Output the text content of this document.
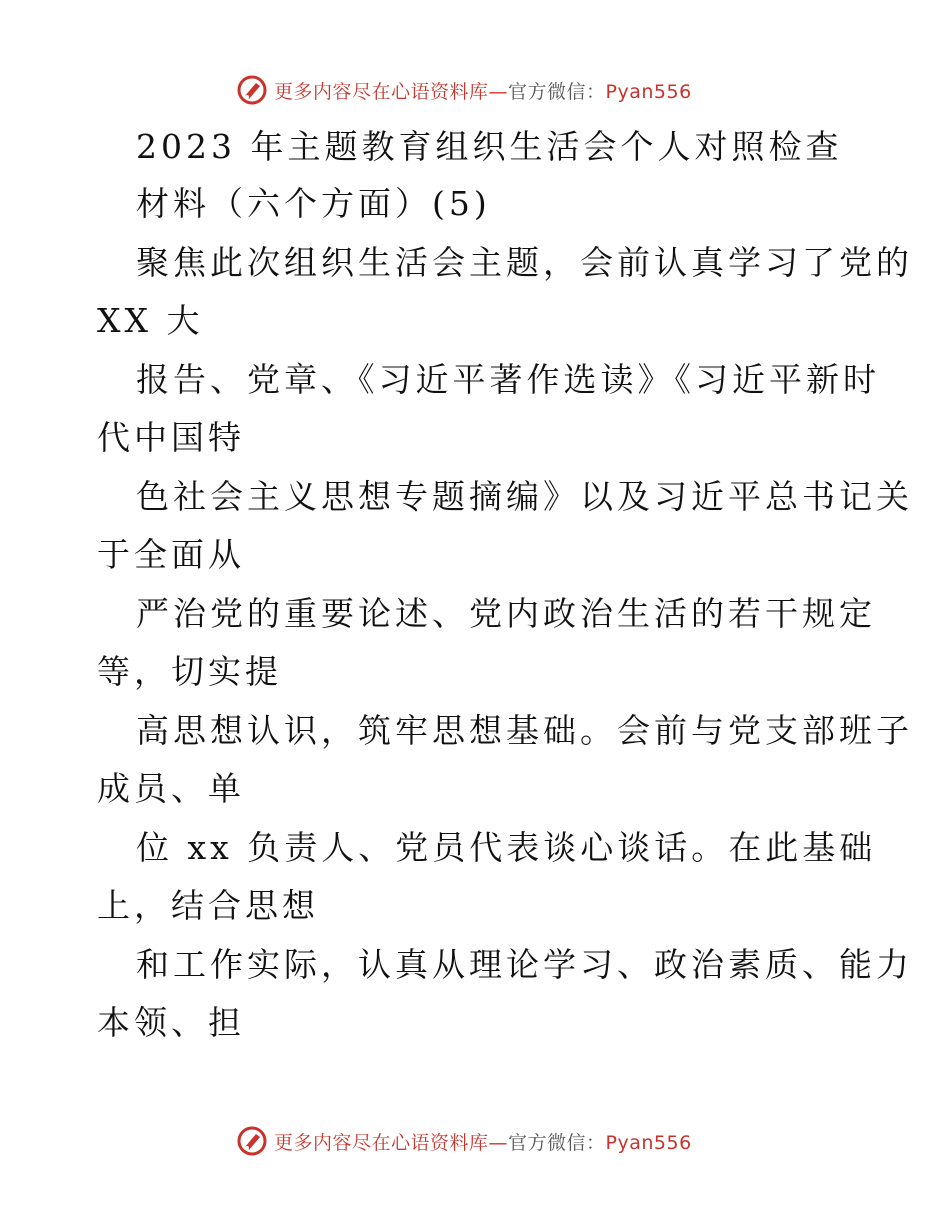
更多内容尽在心语资料库—官方微信：Pyan556
2023 年主题教育组织生活会个人对照检查
材料（六个方面）(5)
聚焦此次组织生活会主题，会前认真学习了党的
XX 大
报告、党章、《习近平著作选读》《习近平新时
代中国特
色社会主义思想专题摘编》以及习近平总书记关
于全面从
严治党的重要论述、党内政治生活的若干规定
等，切实提
高思想认识，筑牢思想基础。会前与党支部班子
成员、单
位 xx 负责人、党员代表谈心谈话。在此基础
上，结合思想
和工作实际，认真从理论学习、政治素质、能力
本领、担
更多内容尽在心语资料库—官方微信：Pyan556
